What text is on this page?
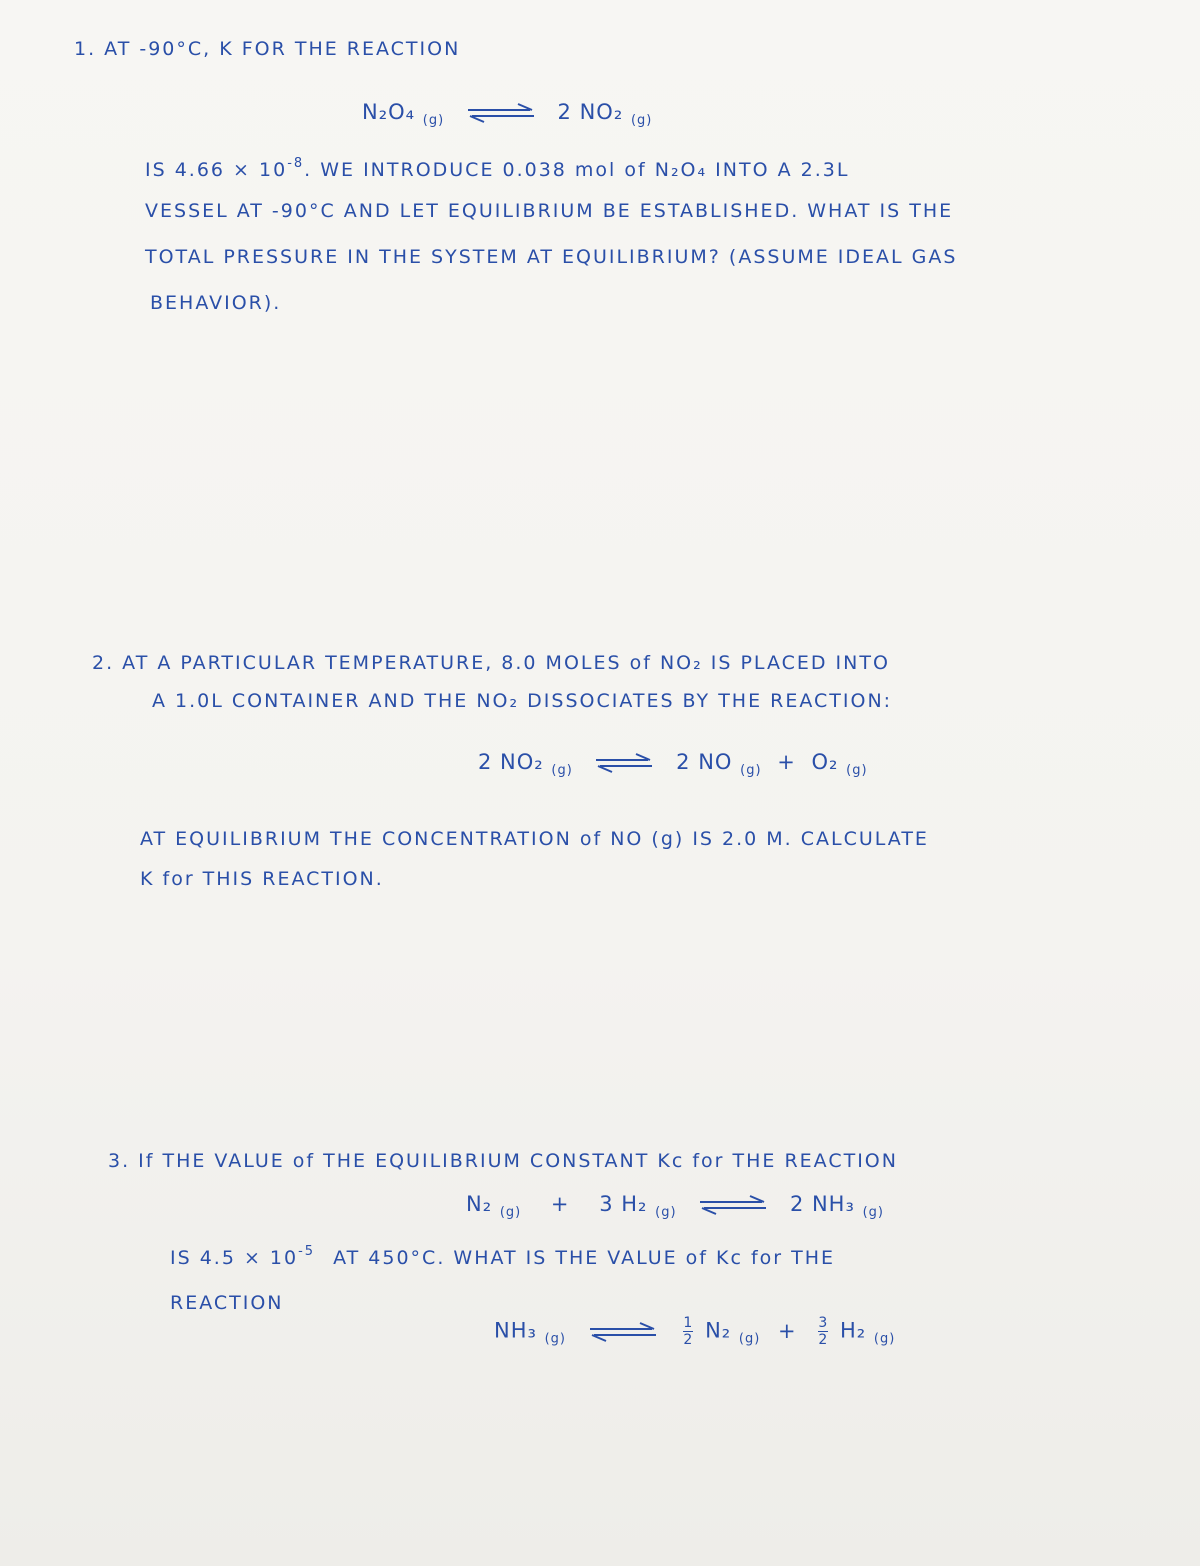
1. AT -90°C, K FOR THE REACTION
N₂O₄ $_{(g)}$ ⇌ 2 NO₂ $_{(g)}$
IS $4.66 \times 10^{-8}$. WE INTRODUCE 0.038 mol of N₂O₄ INTO A 2.3L
VESSEL AT -90°C AND LET EQUILIBRIUM BE ESTABLISHED. WHAT IS THE
TOTAL PRESSURE IN THE SYSTEM AT EQUILIBRIUM? (ASSUME IDEAL GAS
BEHAVIOR).
2. AT A PARTICULAR TEMPERATURE, 8.0 MOLES of NO₂ IS PLACED INTO
A 1.0L CONTAINER AND THE NO₂ DISSOCIATES BY THE REACTION:
2 NO₂ $_{(g)}$ ⇌ 2 NO $_{(g)}$ + O₂ $_{(g)}$
AT EQUILIBRIUM THE CONCENTRATION of NO (g) IS 2.0 M. CALCULATE
K for THIS REACTION.
3. If THE VALUE of THE EQUILIBRIUM CONSTANT Kc for THE REACTION
N₂ $_{(g)}$ + 3 H₂ $_{(g)}$ ⇌ 2 NH₃ $_{(g)}$
IS $4.5 \times 10^{-5}$ AT 450°C. WHAT IS THE VALUE of Kc for THE
REACTION
NH₃ $_{(g)}$ ⇌ $\frac{1}{2} N_2$ $_{(g)} + \frac{3}{2} H_2$ $_{(g)}$
